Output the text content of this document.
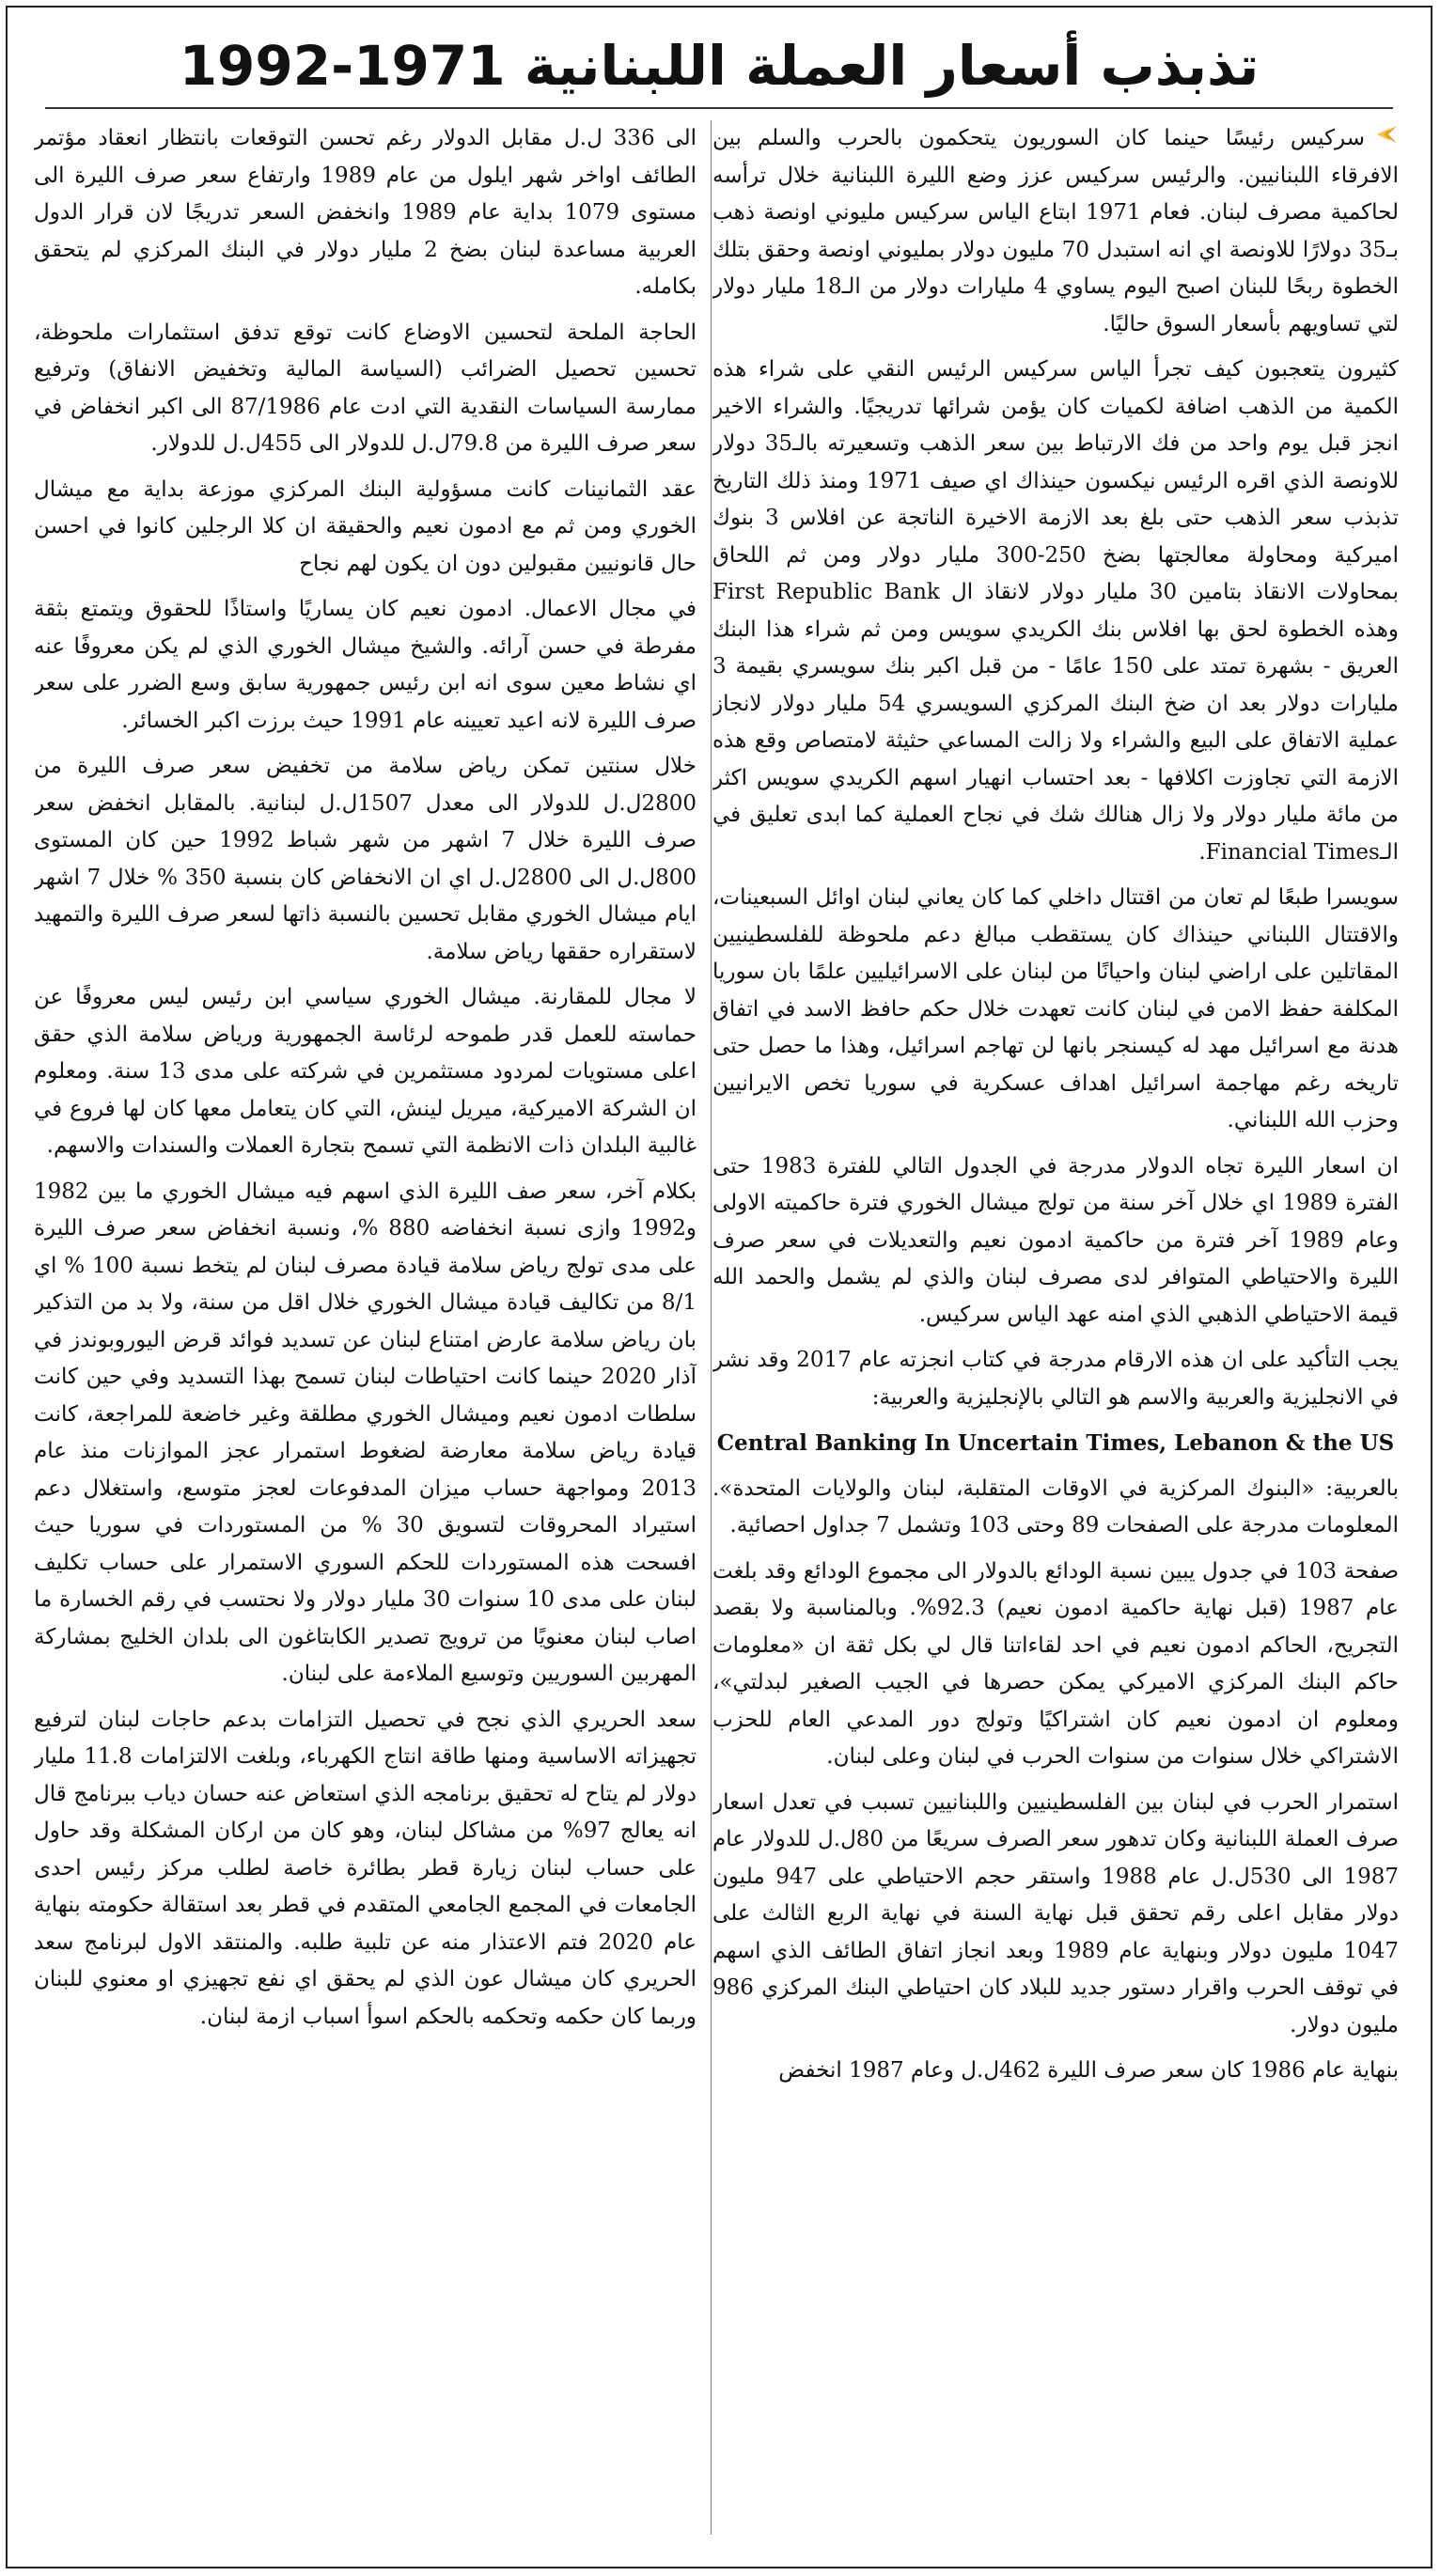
تذبذب أسعار العملة اللبنانية 1971-1992

سركيس رئيسًا حينما كان السوريون يتحكمون بالحرب والسلم بين الافرقاء اللبنانيين. والرئيس سركيس عزز وضع الليرة اللبنانية خلال ترأسه لحاكمية مصرف لبنان. فعام 1971 ابتاع الياس سركيس مليوني اونصة ذهب بـ35 دولارًا للاونصة اي انه استبدل 70 مليون دولار بمليوني اونصة وحقق بتلك الخطوة ربحًا للبنان اصبح اليوم يساوي 4 مليارات دولار من الـ18 مليار دولار لتي تساويهم بأسعار السوق حاليًا.

كثيرون يتعجبون كيف تجرأ الياس سركيس الرئيس النقي على شراء هذه الكمية من الذهب اضافة لكميات كان يؤمن شرائها تدريجيًا. والشراء الاخير انجز قبل يوم واحد من فك الارتباط بين سعر الذهب وتسعيرته بالـ35 دولار للاونصة الذي اقره الرئيس نيكسون حينذاك اي صيف 1971 ومنذ ذلك التاريخ تذبذب سعر الذهب حتى بلغ بعد الازمة الاخيرة الناتجة عن افلاس 3 بنوك اميركية ومحاولة معالجتها بضخ 250-300 مليار دولار ومن ثم اللحاق بمحاولات الانقاذ بتامين 30 مليار دولار لانقاذ ال First Republic Bank وهذه الخطوة لحق بها افلاس بنك الكريدي سويس ومن ثم شراء هذا البنك العريق - بشهرة تمتد على 150 عامًا - من قبل اكبر بنك سويسري بقيمة 3 مليارات دولار بعد ان ضخ البنك المركزي السويسري 54 مليار دولار لانجاز عملية الاتفاق على البيع والشراء ولا زالت المساعي حثيثة لامتصاص وقع هذه الازمة التي تجاوزت اكلافها - بعد احتساب انهيار اسهم الكريدي سويس اكثر من مائة مليار دولار ولا زال هنالك شك في نجاح العملية كما ابدى تعليق في الـFinancial Times.

سويسرا طبعًا لم تعان من اقتتال داخلي كما كان يعاني لبنان اوائل السبعينات، والاقتتال اللبناني حينذاك كان يستقطب مبالغ دعم ملحوظة للفلسطينيين المقاتلين على اراضي لبنان واحيانًا من لبنان على الاسرائيليين علمًا بان سوريا المكلفة حفظ الامن في لبنان كانت تعهدت خلال حكم حافظ الاسد في اتفاق هدنة مع اسرائيل مهد له كيسنجر بانها لن تهاجم اسرائيل، وهذا ما حصل حتى تاريخه رغم مهاجمة اسرائيل اهداف عسكرية في سوريا تخص الايرانيين وحزب الله اللبناني.

ان اسعار الليرة تجاه الدولار مدرجة في الجدول التالي للفترة 1983 حتى الفترة 1989 اي خلال آخر سنة من تولج ميشال الخوري فترة حاكميته الاولى وعام 1989 آخر فترة من حاكمية ادمون نعيم والتعديلات في سعر صرف الليرة والاحتياطي المتوافر لدى مصرف لبنان والذي لم يشمل والحمد الله قيمة الاحتياطي الذهبي الذي امنه عهد الياس سركيس.

يجب التأكيد على ان هذه الارقام مدرجة في كتاب انجزته عام 2017 وقد نشر في الانجليزية والعربية والاسم هو التالي بالإنجليزية والعربية:

Central Banking In Uncertain Times, Lebanon & the US

بالعربية: «البنوك المركزية في الاوقات المتقلبة، لبنان والولايات المتحدة». المعلومات مدرجة على الصفحات 89 وحتى 103 وتشمل 7 جداول احصائية.

صفحة 103 في جدول يبين نسبة الودائع بالدولار الى مجموع الودائع وقد بلغت عام 1987 (قبل نهاية حاكمية ادمون نعيم) 92.3%. وبالمناسبة ولا بقصد التجريح، الحاكم ادمون نعيم في احد لقاءاتنا قال لي بكل ثقة ان «معلومات حاكم البنك المركزي الاميركي يمكن حصرها في الجيب الصغير لبدلتي»، ومعلوم ان ادمون نعيم كان اشتراكيًا وتولج دور المدعي العام للحزب الاشتراكي خلال سنوات من سنوات الحرب في لبنان وعلى لبنان.

استمرار الحرب في لبنان بين الفلسطينيين واللبنانيين تسبب في تعدل اسعار صرف العملة اللبنانية وكان تدهور سعر الصرف سريعًا من 80ل.ل للدولار عام 1987 الى 530ل.ل عام 1988 واستقر حجم الاحتياطي على 947 مليون دولار مقابل اعلى رقم تحقق قبل نهاية السنة في نهاية الربع الثالث على 1047 مليون دولار وبنهاية عام 1989 وبعد انجاز اتفاق الطائف الذي اسهم في توقف الحرب واقرار دستور جديد للبلاد كان احتياطي البنك المركزي 986 مليون دولار.

بنهاية عام 1986 كان سعر صرف الليرة 462ل.ل وعام 1987 انخفض

الى 336 ل.ل مقابل الدولار رغم تحسن التوقعات بانتظار انعقاد مؤتمر الطائف اواخر شهر ايلول من عام 1989 وارتفاع سعر صرف الليرة الى مستوى 1079 بداية عام 1989 وانخفض السعر تدريجًا لان قرار الدول العربية مساعدة لبنان بضخ 2 مليار دولار في البنك المركزي لم يتحقق بكامله.

الحاجة الملحة لتحسين الاوضاع كانت توقع تدفق استثمارات ملحوظة، تحسين تحصيل الضرائب (السياسة المالية وتخفيض الانفاق) وترفيع ممارسة السياسات النقدية التي ادت عام 87/1986 الى اكبر انخفاض في سعر صرف الليرة من 79.8ل.ل للدولار الى 455ل.ل للدولار.

عقد الثمانينات كانت مسؤولية البنك المركزي موزعة بداية مع ميشال الخوري ومن ثم مع ادمون نعيم والحقيقة ان كلا الرجلين كانوا في احسن حال قانونيين مقبولين دون ان يكون لهم نجاح

في مجال الاعمال. ادمون نعيم كان يساريًا واستاذًا للحقوق ويتمتع بثقة مفرطة في حسن آرائه. والشيخ ميشال الخوري الذي لم يكن معروفًا عنه اي نشاط معين سوى انه ابن رئيس جمهورية سابق وسع الضرر على سعر صرف الليرة لانه اعيد تعيينه عام 1991 حيث برزت اكبر الخسائر.

خلال سنتين تمكن رياض سلامة من تخفيض سعر صرف الليرة من 2800ل.ل للدولار الى معدل 1507ل.ل لبنانية. بالمقابل انخفض سعر صرف الليرة خلال 7 اشهر من شهر شباط 1992 حين كان المستوى 800ل.ل الى 2800ل.ل اي ان الانخفاض كان بنسبة 350 % خلال 7 اشهر ايام ميشال الخوري مقابل تحسين بالنسبة ذاتها لسعر صرف الليرة والتمهيد لاستقراره حققها رياض سلامة.

لا مجال للمقارنة. ميشال الخوري سياسي ابن رئيس ليس معروفًا عن حماسته للعمل قدر طموحه لرئاسة الجمهورية ورياض سلامة الذي حقق اعلى مستويات لمردود مستثمرين في شركته على مدى 13 سنة. ومعلوم ان الشركة الاميركية، ميريل لينش، التي كان يتعامل معها كان لها فروع في غالبية البلدان ذات الانظمة التي تسمح بتجارة العملات والسندات والاسهم.

بكلام آخر، سعر صف الليرة الذي اسهم فيه ميشال الخوري ما بين 1982 و1992 وازى نسبة انخفاضه 880 %، ونسبة انخفاض سعر صرف الليرة على مدى تولج رياض سلامة قيادة مصرف لبنان لم يتخط نسبة 100 % اي 8/1 من تكاليف قيادة ميشال الخوري خلال اقل من سنة، ولا بد من التذكير بان رياض سلامة عارض امتناع لبنان عن تسديد فوائد قرض اليوروبوندز في آذار 2020 حينما كانت احتياطات لبنان تسمح بهذا التسديد وفي حين كانت سلطات ادمون نعيم وميشال الخوري مطلقة وغير خاضعة للمراجعة، كانت قيادة رياض سلامة معارضة لضغوط استمرار عجز الموازنات منذ عام 2013 ومواجهة حساب ميزان المدفوعات لعجز متوسع، واستغلال دعم استيراد المحروقات لتسويق 30 % من المستوردات في سوريا حيث افسحت هذه المستوردات للحكم السوري الاستمرار على حساب تكليف لبنان على مدى 10 سنوات 30 مليار دولار ولا نحتسب في رقم الخسارة ما اصاب لبنان معنويًا من ترويج تصدير الكابتاغون الى بلدان الخليج بمشاركة المهربين السوريين وتوسيع الملاءمة على لبنان.

سعد الحريري الذي نجح في تحصيل التزامات بدعم حاجات لبنان لترفيع تجهيزاته الاساسية ومنها طاقة انتاج الكهرباء، وبلغت الالتزامات 11.8 مليار دولار لم يتاح له تحقيق برنامجه الذي استعاض عنه حسان دياب ببرنامج قال انه يعالج 97% من مشاكل لبنان، وهو كان من اركان المشكلة وقد حاول على حساب لبنان زيارة قطر بطائرة خاصة لطلب مركز رئيس احدى الجامعات في المجمع الجامعي المتقدم في قطر بعد استقالة حكومته بنهاية عام 2020 فتم الاعتذار منه عن تلبية طلبه. والمنتقد الاول لبرنامج سعد الحريري كان ميشال عون الذي لم يحقق اي نفع تجهيزي او معنوي للبنان وربما كان حكمه وتحكمه بالحكم اسوأ اسباب ازمة لبنان.
